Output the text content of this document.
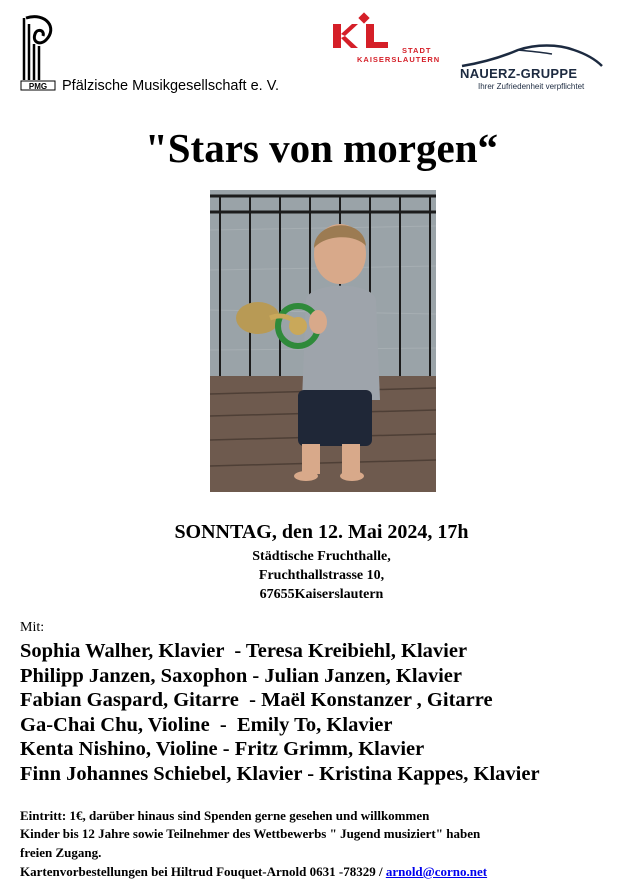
PMG Pfälzische Musikgesellschaft e. V.
KL
STADT
KAISERSLAUTERN
NAUERZ-GRUPPE
Ihrer Zufriedenheit verpflichtet
"Stars von morgen“
SONNTAG, den 12. Mai 2024, 17h
Städtische Fruchthalle,
Fruchthallstrasse 10,
67655Kaiserslautern
Mit:
Sophia Walher, Klavier  - Teresa Kreibiehl, Klavier
Philipp Janzen, Saxophon - Julian Janzen, Klavier
Fabian Gaspard, Gitarre  - Maël Konstanzer , Gitarre
Ga-Chai Chu, Violine  -  Emily To, Klavier
Kenta Nishino, Violine - Fritz Grimm, Klavier
Finn Johannes Schiebel, Klavier - Kristina Kappes, Klavier
Eintritt: 1€, darüber hinaus sind Spenden gerne gesehen und willkommen
Kinder bis 12 Jahre sowie Teilnehmer des Wettbewerbs " Jugend musiziert" haben
freien Zugang.
Kartenvorbestellungen bei Hiltrud Fouquet-Arnold 0631 -78329 / arnold@corno.net
